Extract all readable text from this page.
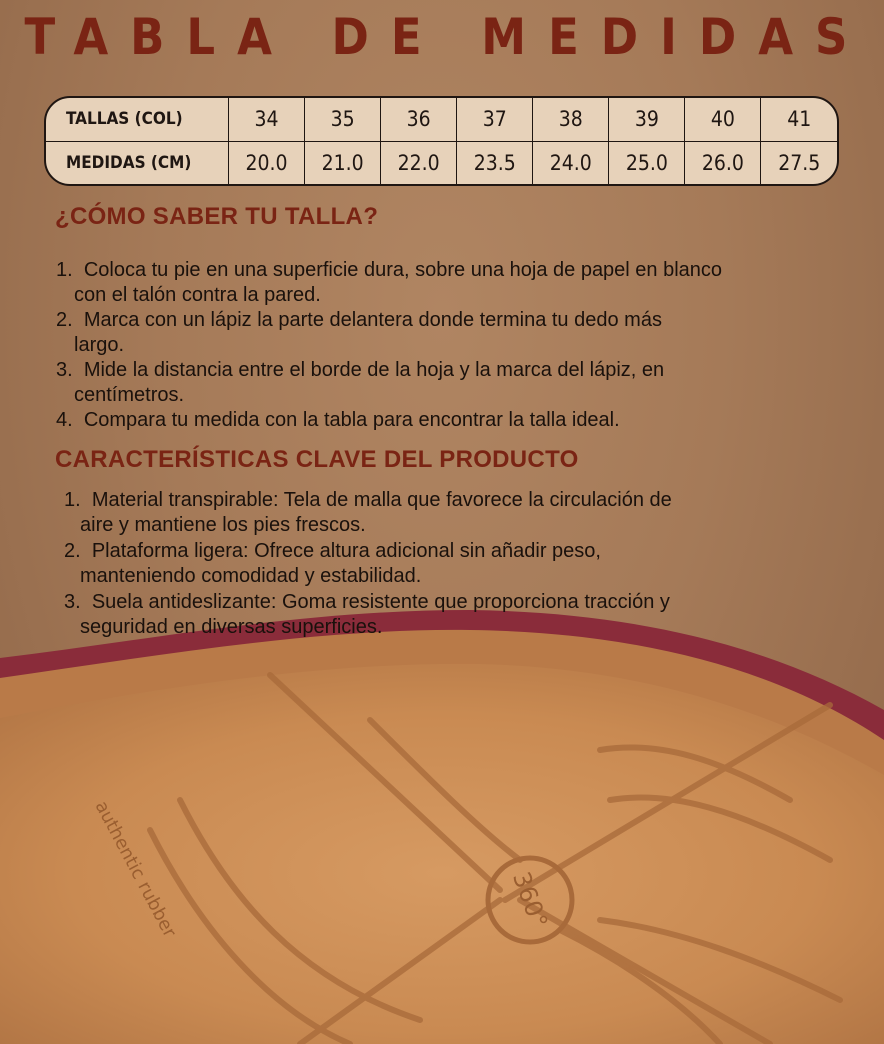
TABLA DE MEDIDAS
TALLAS (COL)	34	35	36	37	38	39	40	41
MEDIDAS (CM)	20.0	21.0	22.0	23.5	24.0	25.0	26.0	27.5
360°
authentic rubber
¿CÓMO SABER TU TALLA?
1. Coloca tu pie en una superficie dura, sobre una hoja de papel en blanco
con el talón contra la pared.
2. Marca con un lápiz la parte delantera donde termina tu dedo más
largo.
3. Mide la distancia entre el borde de la hoja y la marca del lápiz, en
centímetros.
4. Compara tu medida con la tabla para encontrar la talla ideal.
CARACTERÍSTICAS CLAVE DEL PRODUCTO
1. Material transpirable: Tela de malla que favorece la circulación de
aire y mantiene los pies frescos.
2. Plataforma ligera: Ofrece altura adicional sin añadir peso,
manteniendo comodidad y estabilidad.
3. Suela antideslizante: Goma resistente que proporciona tracción y
seguridad en diversas superficies.
